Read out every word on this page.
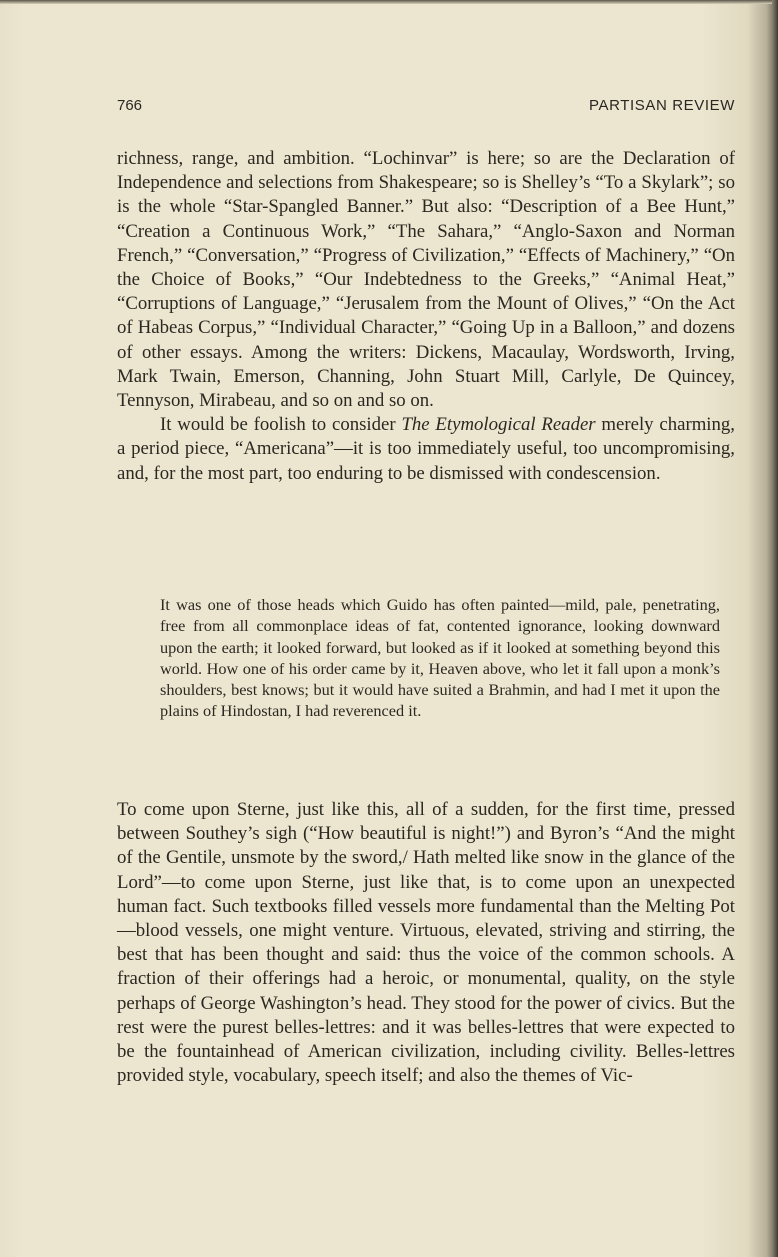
766	PARTISAN REVIEW

richness, range, and ambition. “Lochinvar” is here; so are the Declaration of Independence and selections from Shakespeare; so is Shelley’s “To a Skylark”; so is the whole “Star-Spangled Banner.” But also: “Description of a Bee Hunt,” “Creation a Continuous Work,” “The Sahara,” “Anglo-Saxon and Norman French,” “Conversation,” “Progress of Civilization,” “Effects of Machinery,” “On the Choice of Books,” “Our Indebtedness to the Greeks,” “Animal Heat,” “Corruptions of Language,” “Jerusalem from the Mount of Olives,” “On the Act of Habeas Corpus,” “Individual Character,” “Going Up in a Balloon,” and dozens of other essays. Among the writers: Dickens, Macaulay, Wordsworth, Irving, Mark Twain, Emerson, Channing, John Stuart Mill, Carlyle, De Quincey, Tennyson, Mirabeau, and so on and so on.

It would be foolish to consider The Etymological Reader merely charming, a period piece, “Americana”—it is too immediately useful, too uncompromising, and, for the most part, too enduring to be dismissed with condescension.

It was one of those heads which Guido has often painted—mild, pale, penetrating, free from all commonplace ideas of fat, contented ignorance, looking downward upon the earth; it looked forward, but looked as if it looked at something beyond this world. How one of his order came by it, Heaven above, who let it fall upon a monk’s shoulders, best knows; but it would have suited a Brahmin, and had I met it upon the plains of Hindostan, I had reverenced it.
To come upon Sterne, just like this, all of a sudden, for the first time, pressed between Southey’s sigh (“How beautiful is night!”) and Byron’s “And the might of the Gentile, unsmote by the sword,/ Hath melted like snow in the glance of the Lord”—to come upon Sterne, just like that, is to come upon an unexpected human fact. Such textbooks filled vessels more fundamental than the Melting Pot—blood vessels, one might venture. Virtuous, elevated, striving and stirring, the best that has been thought and said: thus the voice of the common schools. A fraction of their offerings had a heroic, or monumental, quality, on the style perhaps of George Washington’s head. They stood for the power of civics. But the rest were the purest belles-lettres: and it was belles-lettres that were expected to be the fountainhead of American civilization, including civility. Belles-lettres provided style, vocabulary, speech itself; and also the themes of Vic-
